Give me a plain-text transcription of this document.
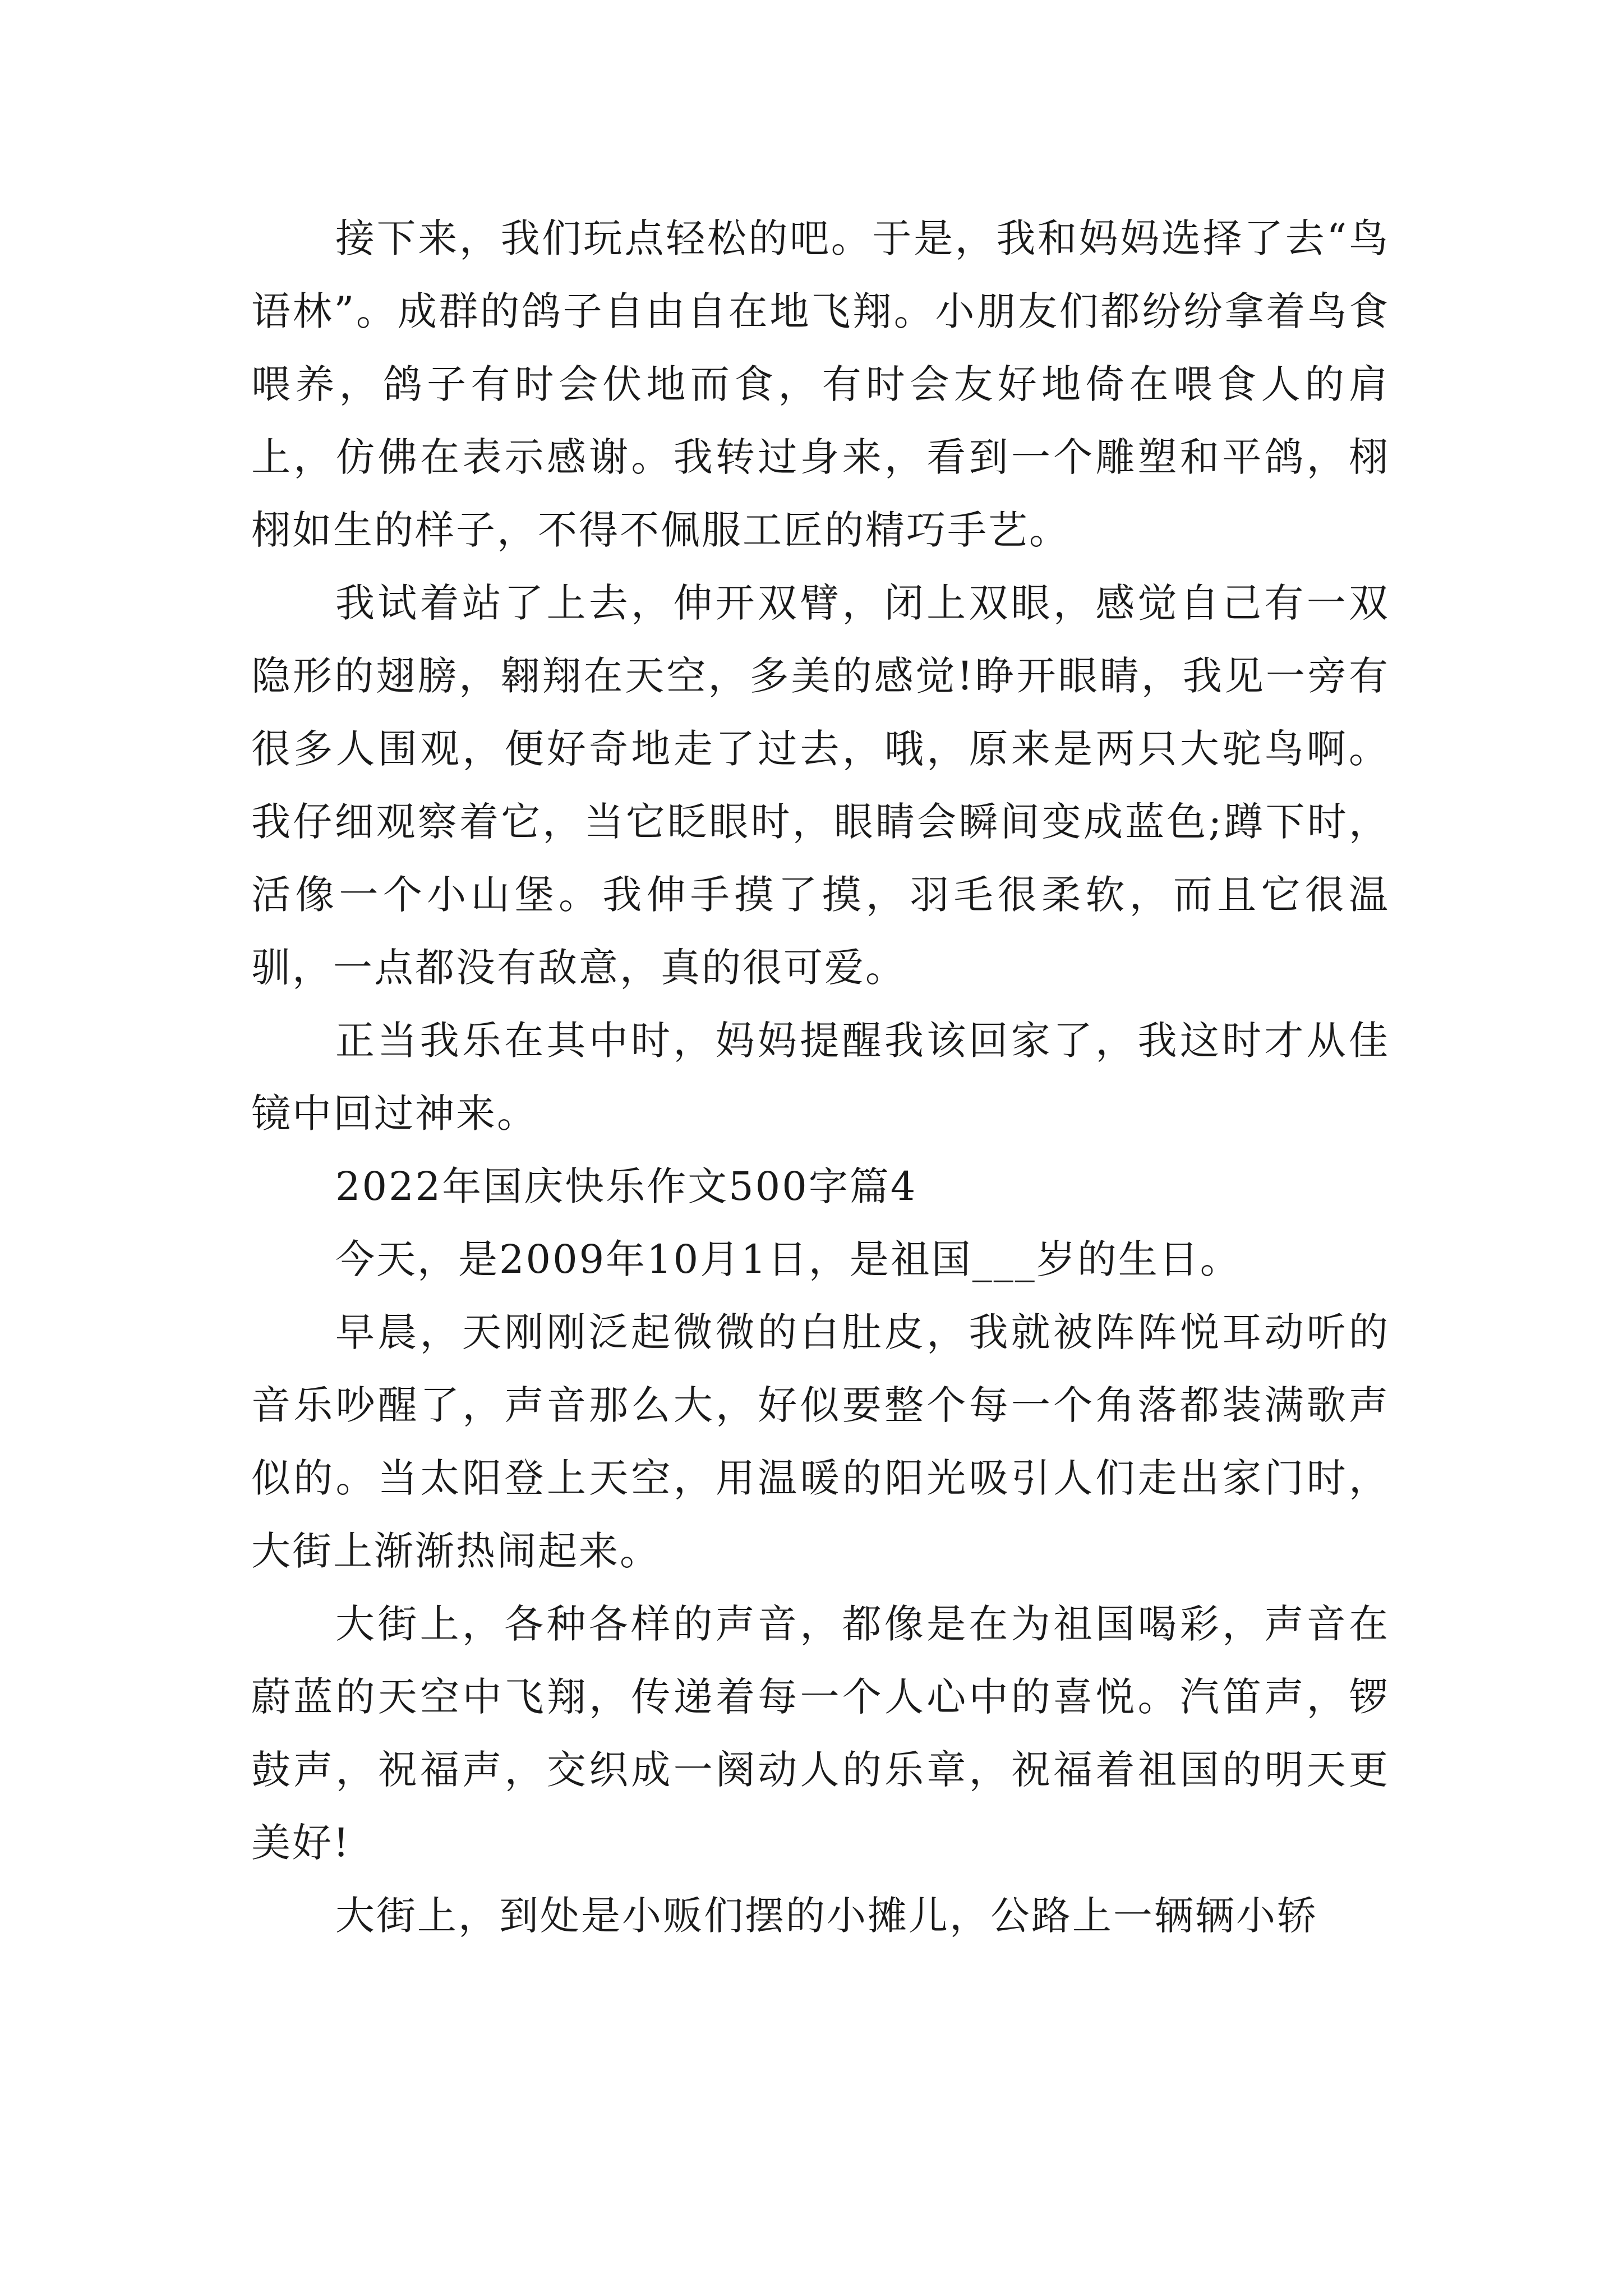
接下来，我们玩点轻松的吧。于是，我和妈妈选择了去“鸟语林”。成群的鸽子自由自在地飞翔。小朋友们都纷纷拿着鸟食喂养，鸽子有时会伏地而食，有时会友好地倚在喂食人的肩上，仿佛在表示感谢。我转过身来，看到一个雕塑和平鸽，栩栩如生的样子，不得不佩服工匠的精巧手艺。

我试着站了上去，伸开双臂，闭上双眼，感觉自己有一双隐形的翅膀，翱翔在天空，多美的感觉!睁开眼睛，我见一旁有很多人围观，便好奇地走了过去，哦，原来是两只大驼鸟啊。我仔细观察着它，当它眨眼时，眼睛会瞬间变成蓝色;蹲下时，活像一个小山堡。我伸手摸了摸，羽毛很柔软，而且它很温驯，一点都没有敌意，真的很可爱。

正当我乐在其中时，妈妈提醒我该回家了，我这时才从佳镜中回过神来。

2022年国庆快乐作文500字篇4

今天，是2009年10月1日，是祖国___岁的生日。

早晨，天刚刚泛起微微的白肚皮，我就被阵阵悦耳动听的音乐吵醒了，声音那么大，好似要整个每一个角落都装满歌声似的。当太阳登上天空，用温暖的阳光吸引人们走出家门时，大街上渐渐热闹起来。

大街上，各种各样的声音，都像是在为祖国喝彩，声音在蔚蓝的天空中飞翔，传递着每一个人心中的喜悦。汽笛声，锣鼓声，祝福声，交织成一阕动人的乐章，祝福着祖国的明天更美好!

大街上，到处是小贩们摆的小摊儿，公路上一辆辆小轿
